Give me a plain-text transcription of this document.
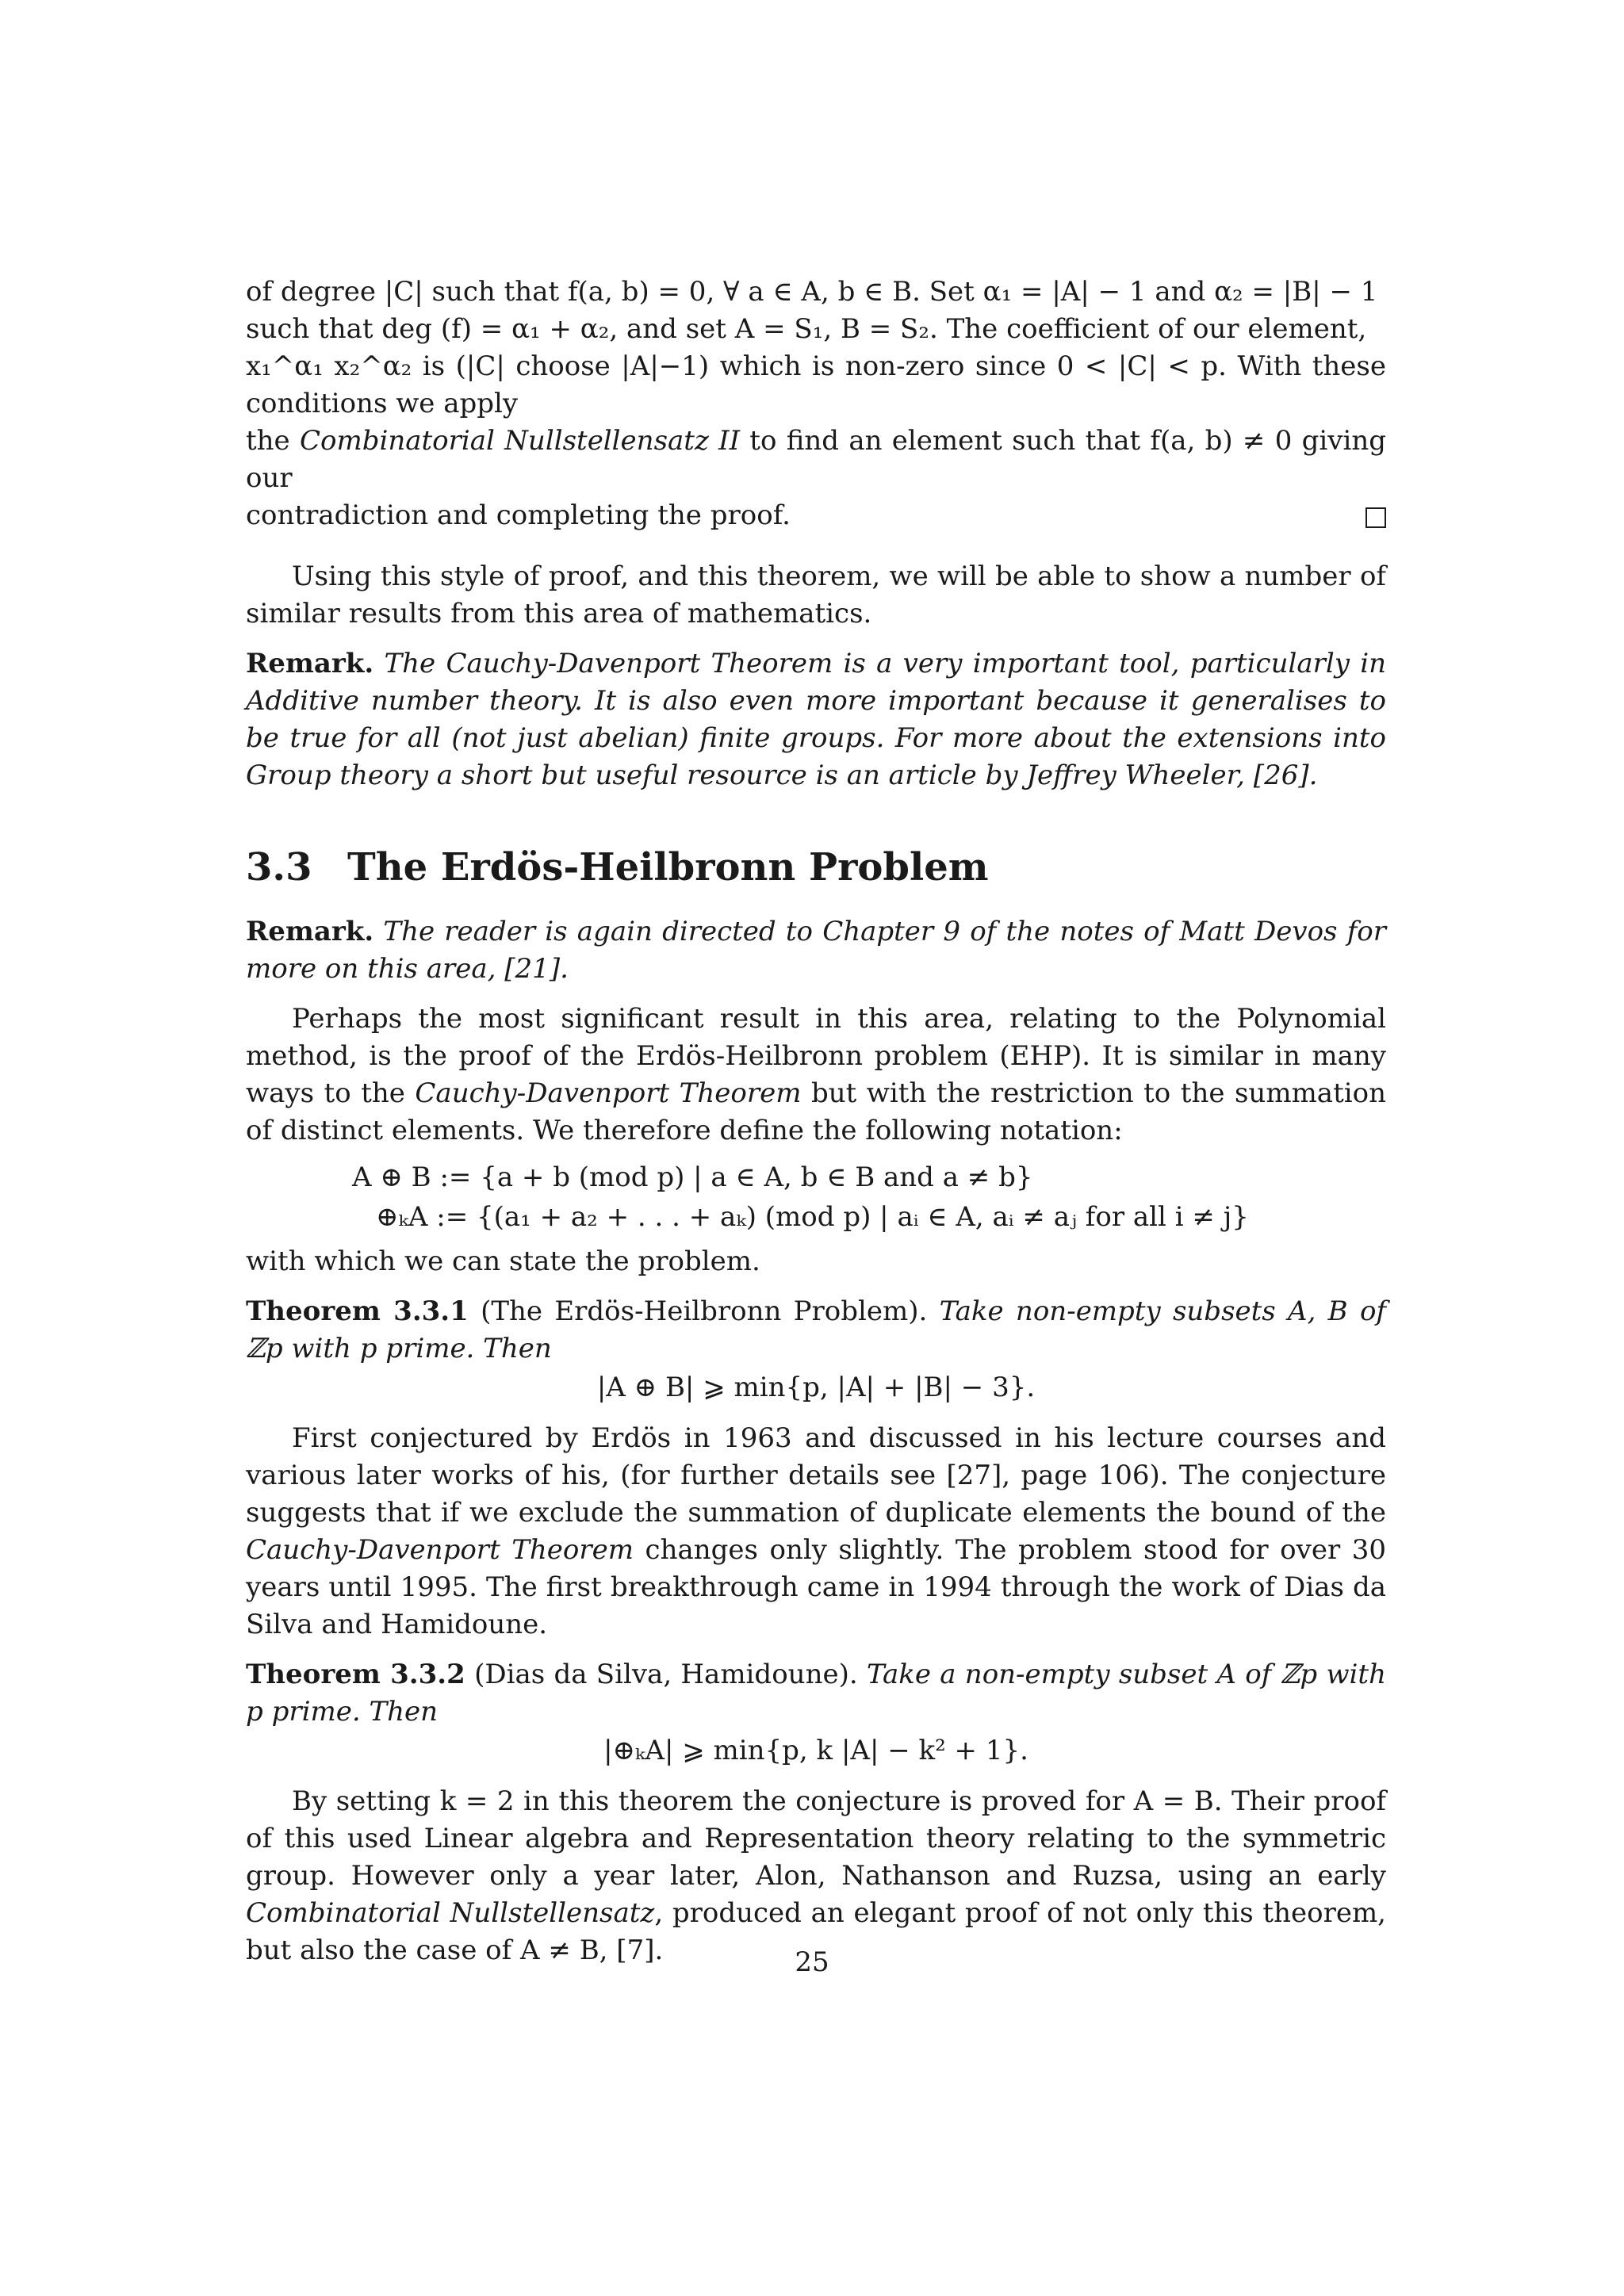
of degree |C| such that f(a, b) = 0, ∀ a ∈ A, b ∈ B. Set α₁ = |A| − 1 and α₂ = |B| − 1

such that deg (f) = α₁ + α₂, and set A = S₁, B = S₂. The coefficient of our element,

x₁^α₁ x₂^α₂ is (|C| choose |A|−1) which is non-zero since 0 < |C| < p. With these conditions we apply

the Combinatorial Nullstellensatz II to find an element such that f(a, b) ≠ 0 giving our

contradiction and completing the proof.

Using this style of proof, and this theorem, we will be able to show a number of similar results from this area of mathematics.

Remark. The Cauchy-Davenport Theorem is a very important tool, particularly in Additive number theory. It is also even more important because it generalises to be true for all (not just abelian) finite groups. For more about the extensions into Group theory a short but useful resource is an article by Jeffrey Wheeler, [26].

3.3 The Erdös-Heilbronn Problem

Remark. The reader is again directed to Chapter 9 of the notes of Matt Devos for more on this area, [21].

Perhaps the most significant result in this area, relating to the Polynomial method, is the proof of the Erdös-Heilbronn problem (EHP). It is similar in many ways to the Cauchy-Davenport Theorem but with the restriction to the summation of distinct elements. We therefore define the following notation:

A ⊕ B := {a + b (mod p) | a ∈ A, b ∈ B and a ≠ b}
⊕ₖA := {(a₁ + a₂ + . . . + aₖ) (mod p) | aᵢ ∈ A, aᵢ ≠ aⱼ for all i ≠ j}

with which we can state the problem.

Theorem 3.3.1 (The Erdös-Heilbronn Problem). Take non-empty subsets A, B of ℤp with p prime. Then

|A ⊕ B| ⩾ min{p, |A| + |B| − 3}.

First conjectured by Erdös in 1963 and discussed in his lecture courses and various later works of his, (for further details see [27], page 106). The conjecture suggests that if we exclude the summation of duplicate elements the bound of the Cauchy-Davenport Theorem changes only slightly. The problem stood for over 30 years until 1995. The first breakthrough came in 1994 through the work of Dias da Silva and Hamidoune.

Theorem 3.3.2 (Dias da Silva, Hamidoune). Take a non-empty subset A of ℤp with p prime. Then

|⊕ₖA| ⩾ min{p, k |A| − k² + 1}.

By setting k = 2 in this theorem the conjecture is proved for A = B. Their proof of this used Linear algebra and Representation theory relating to the symmetric group. However only a year later, Alon, Nathanson and Ruzsa, using an early Combinatorial Nullstellensatz, produced an elegant proof of not only this theorem, but also the case of A ≠ B, [7].	25
